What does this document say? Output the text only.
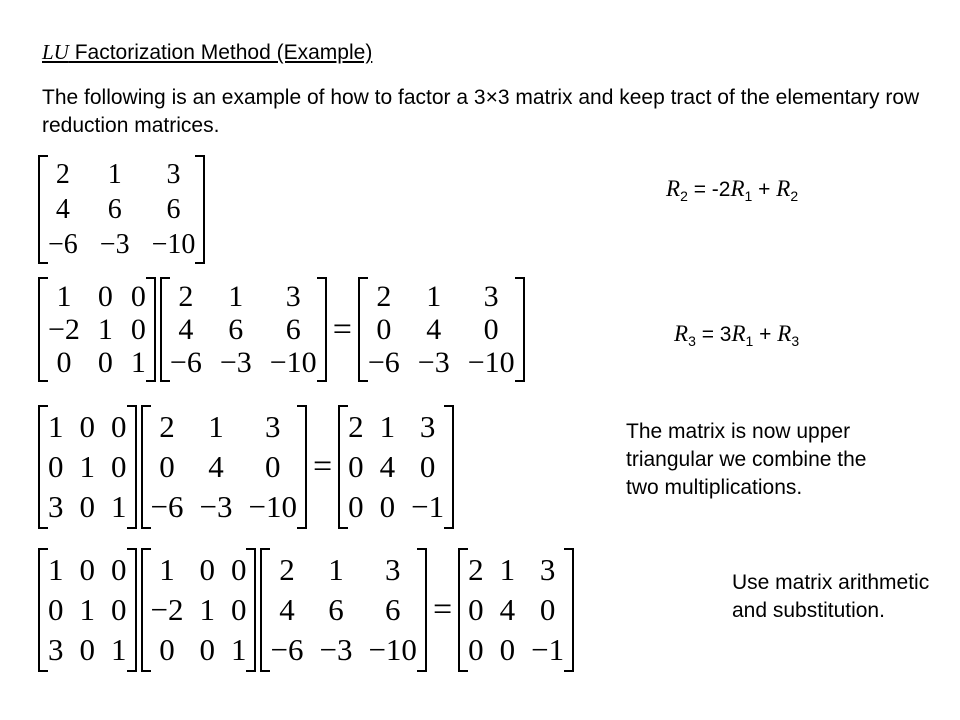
LU Factorization Method (Example)
The following is an example of how to factor a 3×3 matrix and keep tract of the elementary row reduction matrices.
2 1 3
4 6 6
−6 −3 −10
$R_2 = -2R_1 + R_2$
1 0 0
−2 1 0
0 0 1
2 1 3
4 6 6
−6 −3 −10
=
2 1 3
0 4 0
−6 −3 −10
$R_3 = 3R_1 + R_3$
1 0 0
0 1 0
3 0 1
2 1 3
0 4 0
−6 −3 −10
=
2 1 3
0 4 0
0 0 −1
The matrix is now upper triangular we combine the two multiplications.
1 0 0
0 1 0
3 0 1
1 0 0
−2 1 0
0 0 1
2 1 3
4 6 6
−6 −3 −10
=
2 1 3
0 4 0
0 0 −1
Use matrix arithmetic and substitution.
